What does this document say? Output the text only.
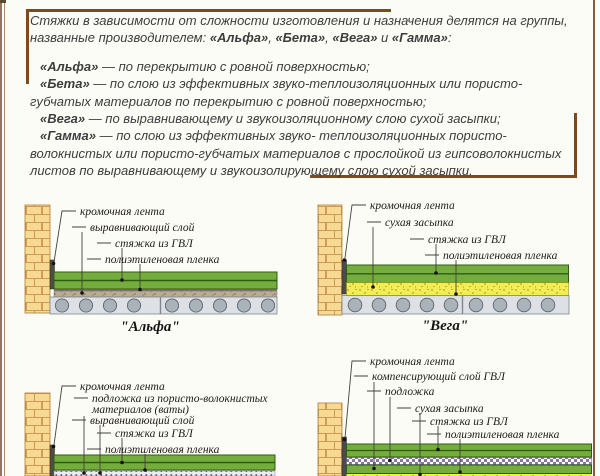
Стяжки в зависимости от сложности изготовления и назначения делятся на группы, названные производителем: «Альфа», «Бета», «Вега» и «Гамма»:

«Альфа» — по перекрытию с ровной поверхностью;

«Бета» — по слою из эффективных звуко-теплоизоляционных или пористо-губчатых материалов по перекрытию с ровной поверхностью;

«Вега» — по выравнивающему и звукоизоляционному слою сухой засыпки;

«Гамма» — по слою из эффективных звуко- теплоизоляционных пористо-волокнистых или пористо-губчатых материалов с прослойкой из гипсоволокнистых листов по выравнивающему и звукоизолирующему слою сухой засыпки.

кромочная лента
выравнивающий слой
стяжка из ГВЛ
полиэтиленовая пленка
"Альфа"
кромочная лента
сухая засыпка
стяжка из ГВЛ
полиэтиленовая пленка
"Вега"
кромочная лента
подложка из пористо-волокнистых
материалов (ваты)
выравнивающий слой
стяжка из ГВЛ
полиэтиленовая пленка
кромочная лента
компенсирующий слой ГВЛ
подложка
сухая засыпка
стяжка из ГВЛ
полиэтиленовая пленка
